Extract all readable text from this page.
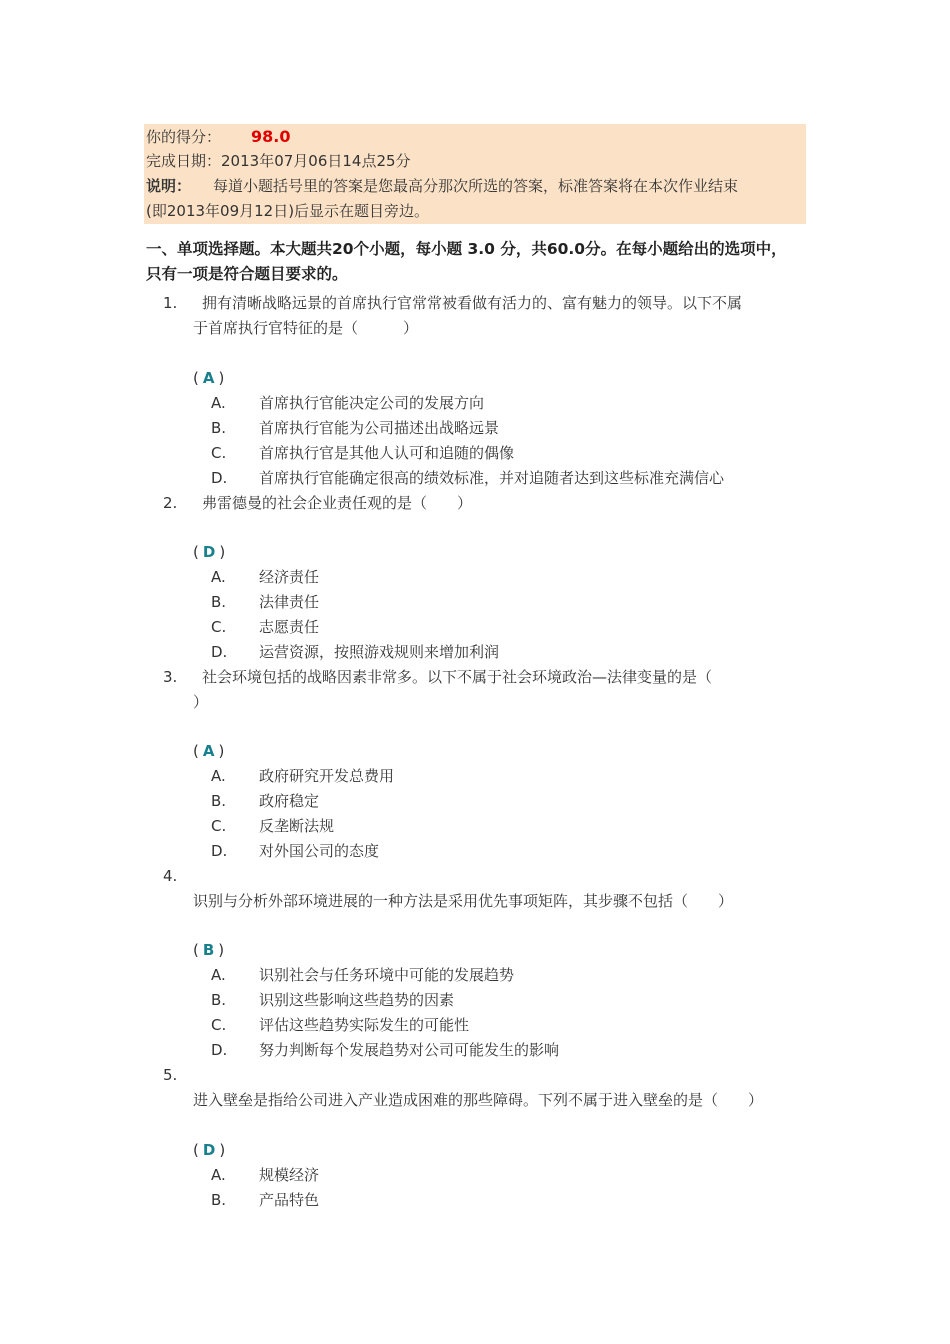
你的得分： 98.0
完成日期：2013年07月06日14点25分
说明： 每道小题括号里的答案是您最高分那次所选的答案，标准答案将在本次作业结束
(即2013年09月12日)后显示在题目旁边。
一、单项选择题。本大题共20个小题，每小题 3.0 分，共60.0分。在每小题给出的选项中，
只有一项是符合题目要求的。
1.	拥有清晰战略远景的首席执行官常常被看做有活力的、富有魅力的领导。以下不属
于首席执行官特征的是（　　　）
( A )
A. 首席执行官能决定公司的发展方向
B. 首席执行官能为公司描述出战略远景
C. 首席执行官是其他人认可和追随的偶像
D. 首席执行官能确定很高的绩效标准，并对追随者达到这些标准充满信心
2.	弗雷德曼的社会企业责任观的是（　　）
( D )
A. 经济责任
B. 法律责任
C. 志愿责任
D. 运营资源，按照游戏规则来增加利润
3.	社会环境包括的战略因素非常多。以下不属于社会环境政治—法律变量的是（
）
( A )
A. 政府研究开发总费用
B. 政府稳定
C. 反垄断法规
D. 对外国公司的态度
4.
识别与分析外部环境进展的一种方法是采用优先事项矩阵，其步骤不包括（　　）
( B )
A. 识别社会与任务环境中可能的发展趋势
B. 识别这些影响这些趋势的因素
C. 评估这些趋势实际发生的可能性
D. 努力判断每个发展趋势对公司可能发生的影响
5.
进入壁垒是指给公司进入产业造成困难的那些障碍。下列不属于进入壁垒的是（　　）
( D )
A. 规模经济
B. 产品特色
